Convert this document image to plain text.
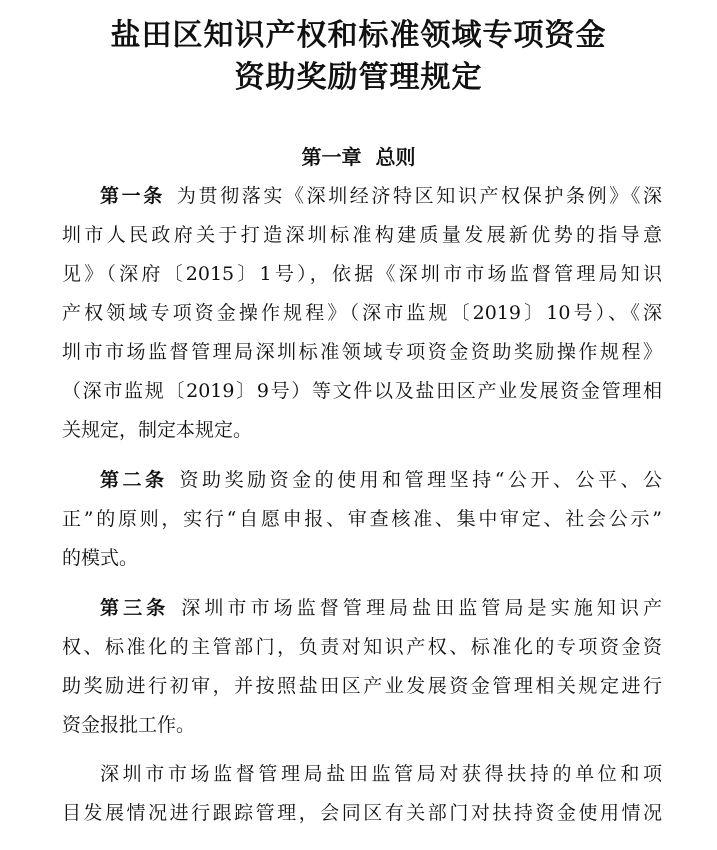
盐田区知识产权和标准领域专项资金
资助奖励管理规定
第一章 总则
第一条 为贯彻落实《深圳经济特区知识产权保护条例》《深
圳市人民政府关于打造深圳标准构建质量发展新优势的指导意
见》（深府〔2015〕1号），依据《深圳市市场监督管理局知识
产权领域专项资金操作规程》（深市监规〔2019〕10号）、《深
圳市市场监督管理局深圳标准领域专项资金资助奖励操作规程》
（深市监规〔2019〕9号）等文件以及盐田区产业发展资金管理相
关规定，制定本规定。
第二条 资助奖励资金的使用和管理坚持“公开、公平、公
正”的原则，实行“自愿申报、审查核准、集中审定、社会公示”
的模式。
第三条 深圳市市场监督管理局盐田监管局是实施知识产
权、标准化的主管部门，负责对知识产权、标准化的专项资金资
助奖励进行初审，并按照盐田区产业发展资金管理相关规定进行
资金报批工作。
深圳市市场监督管理局盐田监管局对获得扶持的单位和项
目发展情况进行跟踪管理，会同区有关部门对扶持资金使用情况
